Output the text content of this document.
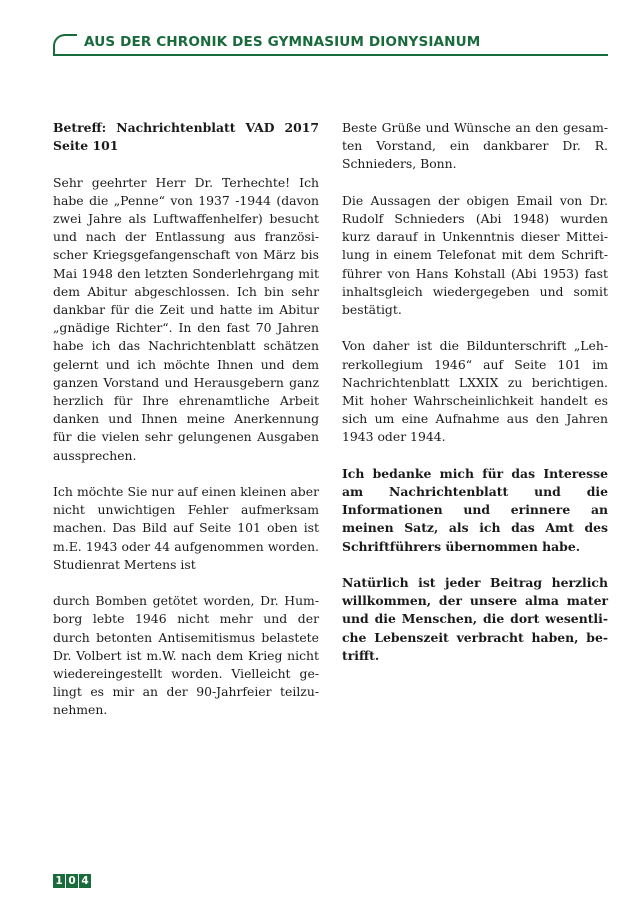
AUS DER CHRONIK DES GYMNASIUM DIONYSIANUM

Betreff: Nachrichtenblatt VAD 2017 Seite 101

Sehr geehrter Herr Dr. Terhechte! Ich habe die „Penne“ von 1937 -1944 (davon zwei Jahre als Luftwaffenhelfer) besucht und nach der Entlassung aus französischer Kriegsgefangenschaft von März bis Mai 1948 den letzten Sonderlehrgang mit dem Abitur abgeschlossen. Ich bin sehr dankbar für die Zeit und hatte im Abitur „gnädige Richter“. In den fast 70 Jahren habe ich das Nachrichtenblatt schätzen gelernt und ich möchte Ihnen und dem ganzen Vorstand und Herausgebern ganz herzlich für Ihre ehrenamtliche Arbeit danken und Ihnen meine Anerkennung für die vielen sehr gelungenen Ausgaben aussprechen.

Ich möchte Sie nur auf einen kleinen aber nicht unwichtigen Fehler aufmerksam machen. Das Bild auf Seite 101 oben ist m.E. 1943 oder 44 aufgenommen worden. Studienrat Mertens ist

durch Bomben getötet worden, Dr. Humborg lebte 1946 nicht mehr und der durch betonten Antisemitismus belastete Dr. Volbert ist m.W. nach dem Krieg nicht wiedereingestellt worden. Vielleicht gelingt es mir an der 90-Jahrfeier teilzunehmen.

Beste Grüße und Wünsche an den gesamten Vorstand, ein dankbarer Dr. R. Schnieders, Bonn.

Die Aussagen der obigen Email von Dr. Rudolf Schnieders (Abi 1948) wurden kurz darauf in Unkenntnis dieser Mitteilung in einem Telefonat mit dem Schriftführer von Hans Kohstall (Abi 1953) fast inhaltsgleich wiedergegeben und somit bestätigt.

Von daher ist die Bildunterschrift „Lehrerkollegium 1946“ auf Seite 101 im Nachrichtenblatt LXXIX zu berichtigen. Mit hoher Wahrscheinlichkeit handelt es sich um eine Aufnahme aus den Jahren 1943 oder 1944.

Ich bedanke mich für das Interesse am Nachrichtenblatt und die Informationen und erinnere an meinen Satz, als ich das Amt des Schriftführers übernommen habe.

Natürlich ist jeder Beitrag herzlich willkommen, der unsere alma mater und die Menschen, die dort wesentliche Lebenszeit verbracht haben, betrifft.

1 0 4
